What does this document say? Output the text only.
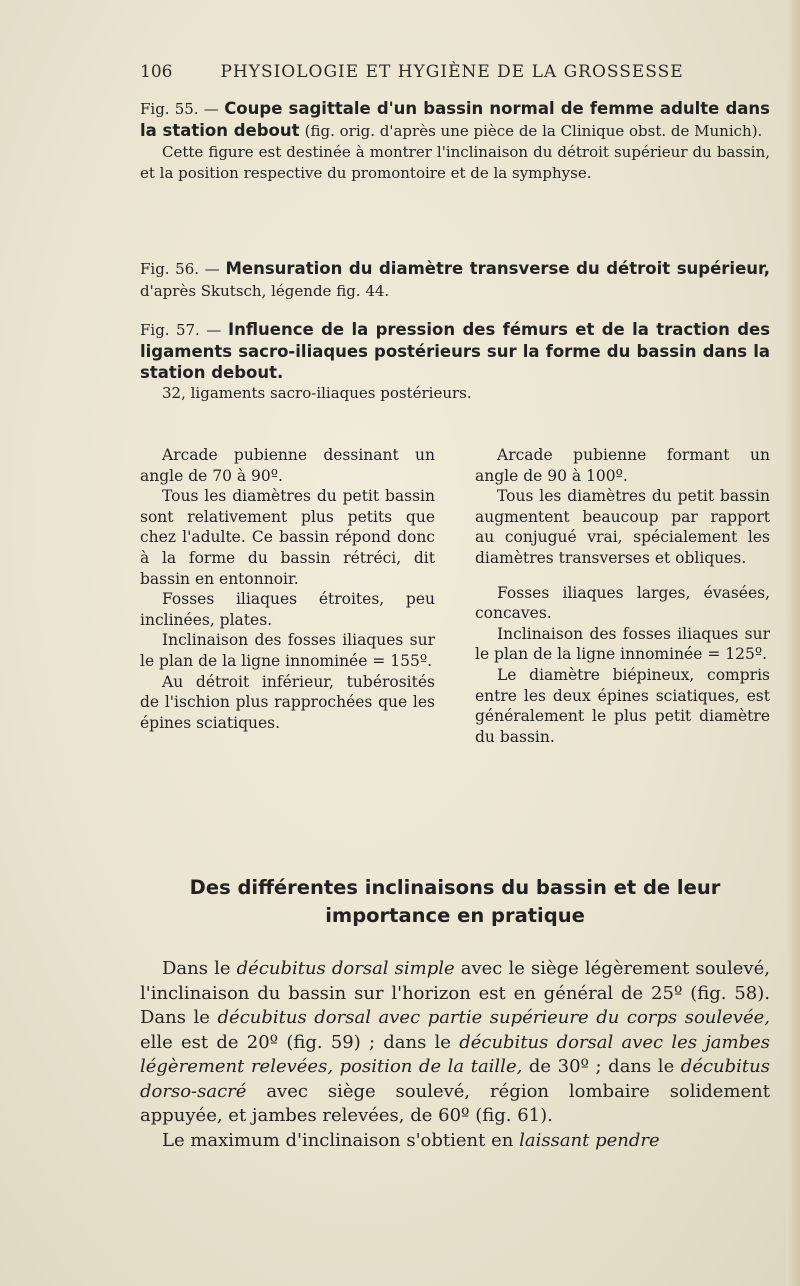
106	PHYSIOLOGIE ET HYGIÈNE DE LA GROSSESSE

Fig. 55. — Coupe sagittale d'un bassin normal de femme adulte dans la station debout (fig. orig. d'après une pièce de la Clinique obst. de Munich).

Cette figure est destinée à montrer l'inclinaison du détroit supérieur du bassin, et la position respective du promontoire et de la symphyse.

Fig. 56. — Mensuration du diamètre transverse du détroit supérieur, d'après Skutsch, légende fig. 44.

Fig. 57. — Influence de la pression des fémurs et de la traction des ligaments sacro-iliaques postérieurs sur la forme du bassin dans la station debout.

32, ligaments sacro-iliaques postérieurs.

Arcade pubienne dessinant un angle de 70 à 90º.

Tous les diamètres du petit bassin sont relativement plus petits que chez l'adulte. Ce bassin répond donc à la forme du bassin rétréci, dit bassin en entonnoir.

Fosses iliaques étroites, peu inclinées, plates.

Inclinaison des fosses iliaques sur le plan de la ligne innominée = 155º.

Au détroit inférieur, tubérosités de l'ischion plus rapprochées que les épines sciatiques.

Arcade pubienne formant un angle de 90 à 100º.

Tous les diamètres du petit bassin augmentent beaucoup par rapport au conjugué vrai, spécialement les diamètres transverses et obliques.

Fosses iliaques larges, évasées, concaves.

Inclinaison des fosses iliaques sur le plan de la ligne innominée = 125º.

Le diamètre biépineux, compris entre les deux épines sciatiques, est généralement le plus petit diamètre du bassin.

Des différentes inclinaisons du bassin et de leur importance en pratique

Dans le décubitus dorsal simple avec le siège légèrement soulevé, l'inclinaison du bassin sur l'horizon est en général de 25º (fig. 58). Dans le décubitus dorsal avec partie supérieure du corps soulevée, elle est de 20º (fig. 59) ; dans le décubitus dorsal avec les jambes légèrement relevées, position de la taille, de 30º ; dans le décubitus dorso-sacré avec siège soulevé, région lombaire solidement appuyée, et jambes relevées, de 60º (fig. 61).

Le maximum d'inclinaison s'obtient en laissant pendre
